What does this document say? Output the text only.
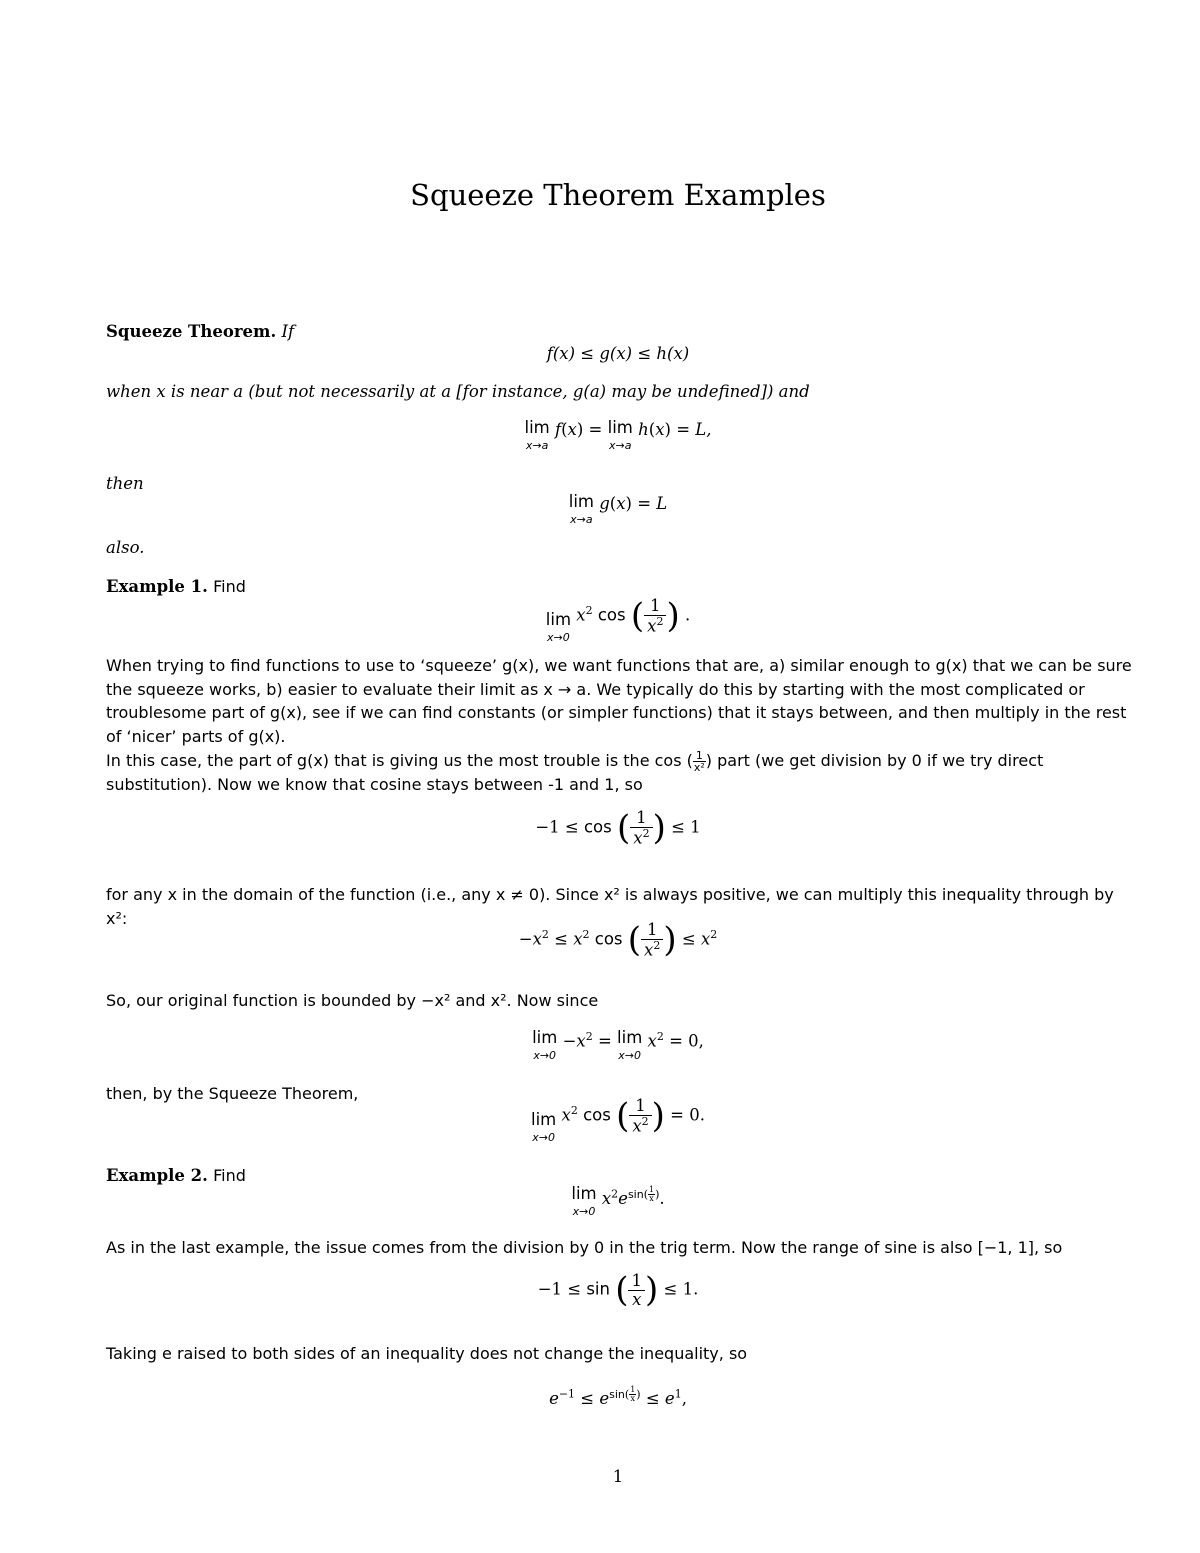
Squeeze Theorem Examples
Squeeze Theorem. If
f(x) ≤ g(x) ≤ h(x)
when x is near a (but not necessarily at a [for instance, g(a) may be undefined]) and
lim
x→a
f(x) = lim
x→a
h(x) = L,
then
lim
x→a
g(x) = L
also.
Example 1. Find
lim
x→0
$x^2$ cos ( $\frac{1}{x^2}$ ) .
When trying to find functions to use to ‘squeeze’ g(x), we want functions that are, a) similar enough to g(x) that we can be sure the squeeze works, b) easier to evaluate their limit as x → a. We typically do this by starting with the most complicated or troublesome part of g(x), see if we can find constants (or simpler functions) that it stays between, and then multiply in the rest of ‘nicer’ parts of g(x).
In this case, the part of g(x) that is giving us the most trouble is the cos ( $\frac{1}{\text{x²}}$ ) part (we get division by 0 if we try direct substitution). Now we know that cosine stays between -1 and 1, so
−1 ≤ cos ( $\frac{1}{x^2}$ ) ≤ 1
for any x in the domain of the function (i.e., any x ≠ 0). Since x² is always positive, we can multiply this inequality through by x²:
$-x^2 \le x^2$ cos ( $\frac{1}{x^2}$ ) ≤ $x^2$
So, our original function is bounded by −x² and x². Now since
lim
x→0
$-x^2 = \lim$
x→0
$x^2 = 0$,
then, by the Squeeze Theorem,
lim
x→0
$x^2$ cos ( $\frac{1}{x^2}$ ) = 0.
Example 2. Find
lim
x→0
$x^2e^{sin( \frac{1}{x} )}$.
As in the last example, the issue comes from the division by 0 in the trig term. Now the range of sine is also [−1, 1], so
−1 ≤ sin ( $\frac{1}{x}$ ) ≤ 1.
Taking e raised to both sides of an inequality does not change the inequality, so
$e^{-1} \le e^{sin( \frac{1}{x} )} \le e^1$,
1
